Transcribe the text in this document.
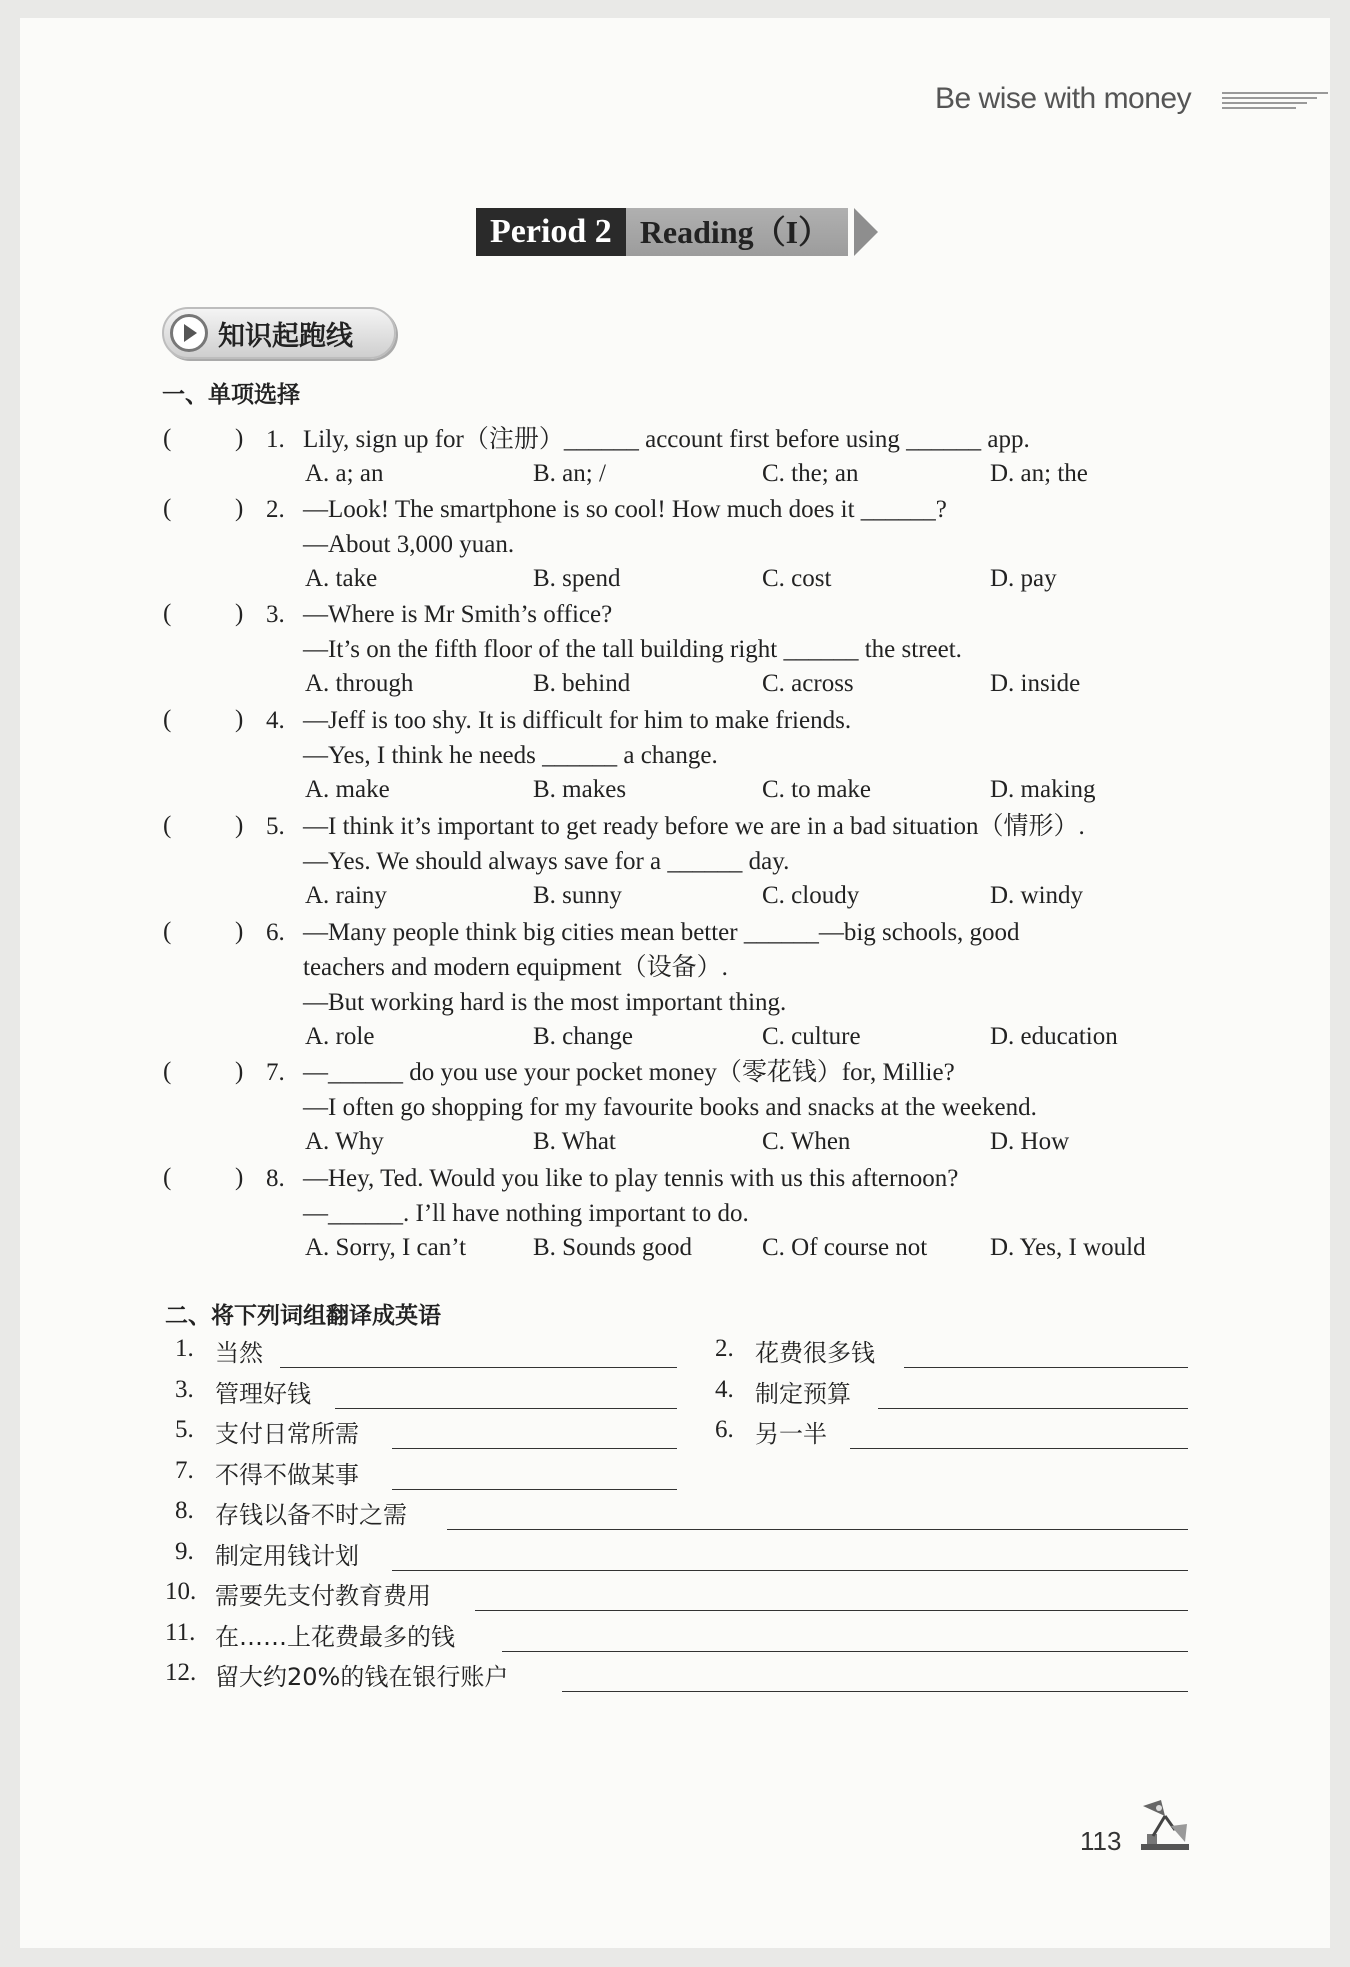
Be wise with money
Period 2 Reading（I）
知识起跑线
一、单项选择
(	) 1. Lily, sign up for（注册）______ account first before using ______ app.
A. a; an	B. an; /	C. the; an	D. an; the
(	) 2. —Look! The smartphone is so cool! How much does it ______?
—About 3,000 yuan.
A. take	B. spend	C. cost	D. pay
(	) 3. —Where is Mr Smith’s office?
—It’s on the fifth floor of the tall building right ______ the street.
A. through	B. behind	C. across	D. inside
(	) 4. —Jeff is too shy. It is difficult for him to make friends.
—Yes, I think he needs ______ a change.
A. make	B. makes	C. to make	D. making
(	) 5. —I think it’s important to get ready before we are in a bad situation（情形）.
—Yes. We should always save for a ______ day.
A. rainy	B. sunny	C. cloudy	D. windy
(	) 6. —Many people think big cities mean better ______—big schools, good
teachers and modern equipment（设备）.
—But working hard is the most important thing.
A. role	B. change	C. culture	D. education
(	) 7. —______ do you use your pocket money（零花钱）for, Millie?
—I often go shopping for my favourite books and snacks at the weekend.
A. Why	B. What	C. When	D. How
(	) 8. —Hey, Ted. Would you like to play tennis with us this afternoon?
—______. I’ll have nothing important to do.
A. Sorry, I can’t	B. Sounds good	C. Of course not	D. Yes, I would
二、将下列词组翻译成英语
1. 当然	2. 花费很多钱
3. 管理好钱	4. 制定预算
5. 支付日常所需	6. 另一半
7. 不得不做某事
8. 存钱以备不时之需
9. 制定用钱计划
10. 需要先支付教育费用
11. 在……上花费最多的钱
12. 留大约20%的钱在银行账户
113
